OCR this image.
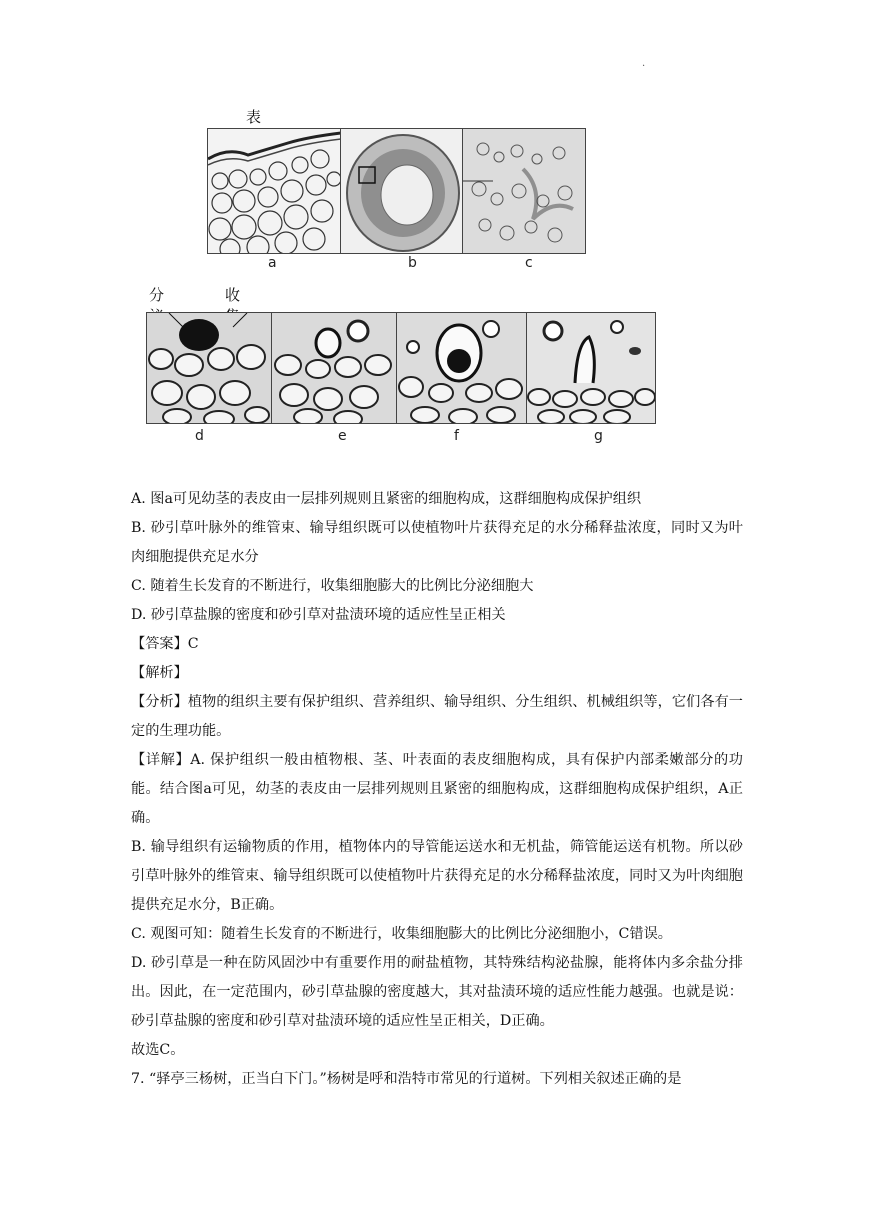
.
表
a	b	c
分	收
d	e	f	g

A. 图a可见幼茎的表皮由一层排列规则且紧密的细胞构成，这群细胞构成保护组织

B. 砂引草叶脉外的维管束、输导组织既可以使植物叶片获得充足的水分稀释盐浓度，同时又为叶肉细胞提供充足水分

C. 随着生长发育的不断进行，收集细胞膨大的比例比分泌细胞大

D. 砂引草盐腺的密度和砂引草对盐渍环境的适应性呈正相关

【答案】C

【解析】

【分析】植物的组织主要有保护组织、营养组织、输导组织、分生组织、机械组织等，它们各有一定的生理功能。

【详解】A. 保护组织一般由植物根、茎、叶表面的表皮细胞构成，具有保护内部柔嫩部分的功能。结合图a可见，幼茎的表皮由一层排列规则且紧密的细胞构成，这群细胞构成保护组织，A正确。

B. 输导组织有运输物质的作用，植物体内的导管能运送水和无机盐，筛管能运送有机物。所以砂引草叶脉外的维管束、输导组织既可以使植物叶片获得充足的水分稀释盐浓度，同时又为叶肉细胞提供充足水分，B正确。

C. 观图可知：随着生长发育的不断进行，收集细胞膨大的比例比分泌细胞小，C错误。

D. 砂引草是一种在防风固沙中有重要作用的耐盐植物，其特殊结构泌盐腺，能将体内多余盐分排出。因此，在一定范围内，砂引草盐腺的密度越大，其对盐渍环境的适应性能力越强。也就是说：砂引草盐腺的密度和砂引草对盐渍环境的适应性呈正相关，D正确。

故选C。

7. “驿亭三杨树，正当白下门。”杨树是呼和浩特市常见的行道树。下列相关叙述正确的是
